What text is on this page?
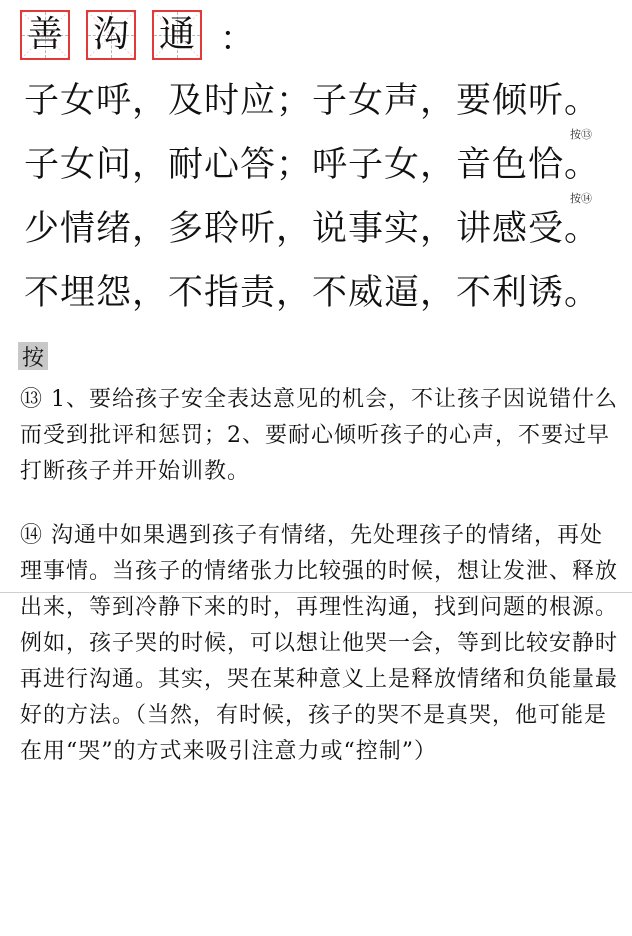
善 沟 通 ：
子女呼，及时应；子女声，要倾听。
按⑬
子女问，耐心答；呼子女，音色恰。
按⑭
少情绪，多聆听，说事实，讲感受。
不埋怨，不指责，不威逼，不利诱。
按
⑬ 1、要给孩子安全表达意见的机会，不让孩子因说错什么而受到批评和惩罚；2、要耐心倾听孩子的心声，不要过早打断孩子并开始训教。
⑭ 沟通中如果遇到孩子有情绪，先处理孩子的情绪，再处理事情。当孩子的情绪张力比较强的时候，想让发泄、释放出来，等到冷静下来的时，再理性沟通，找到问题的根源。例如，孩子哭的时候，可以想让他哭一会，等到比较安静时再进行沟通。其实，哭在某种意义上是释放情绪和负能量最好的方法。（当然，有时候，孩子的哭不是真哭，他可能是在用“哭”的方式来吸引注意力或“控制”）
